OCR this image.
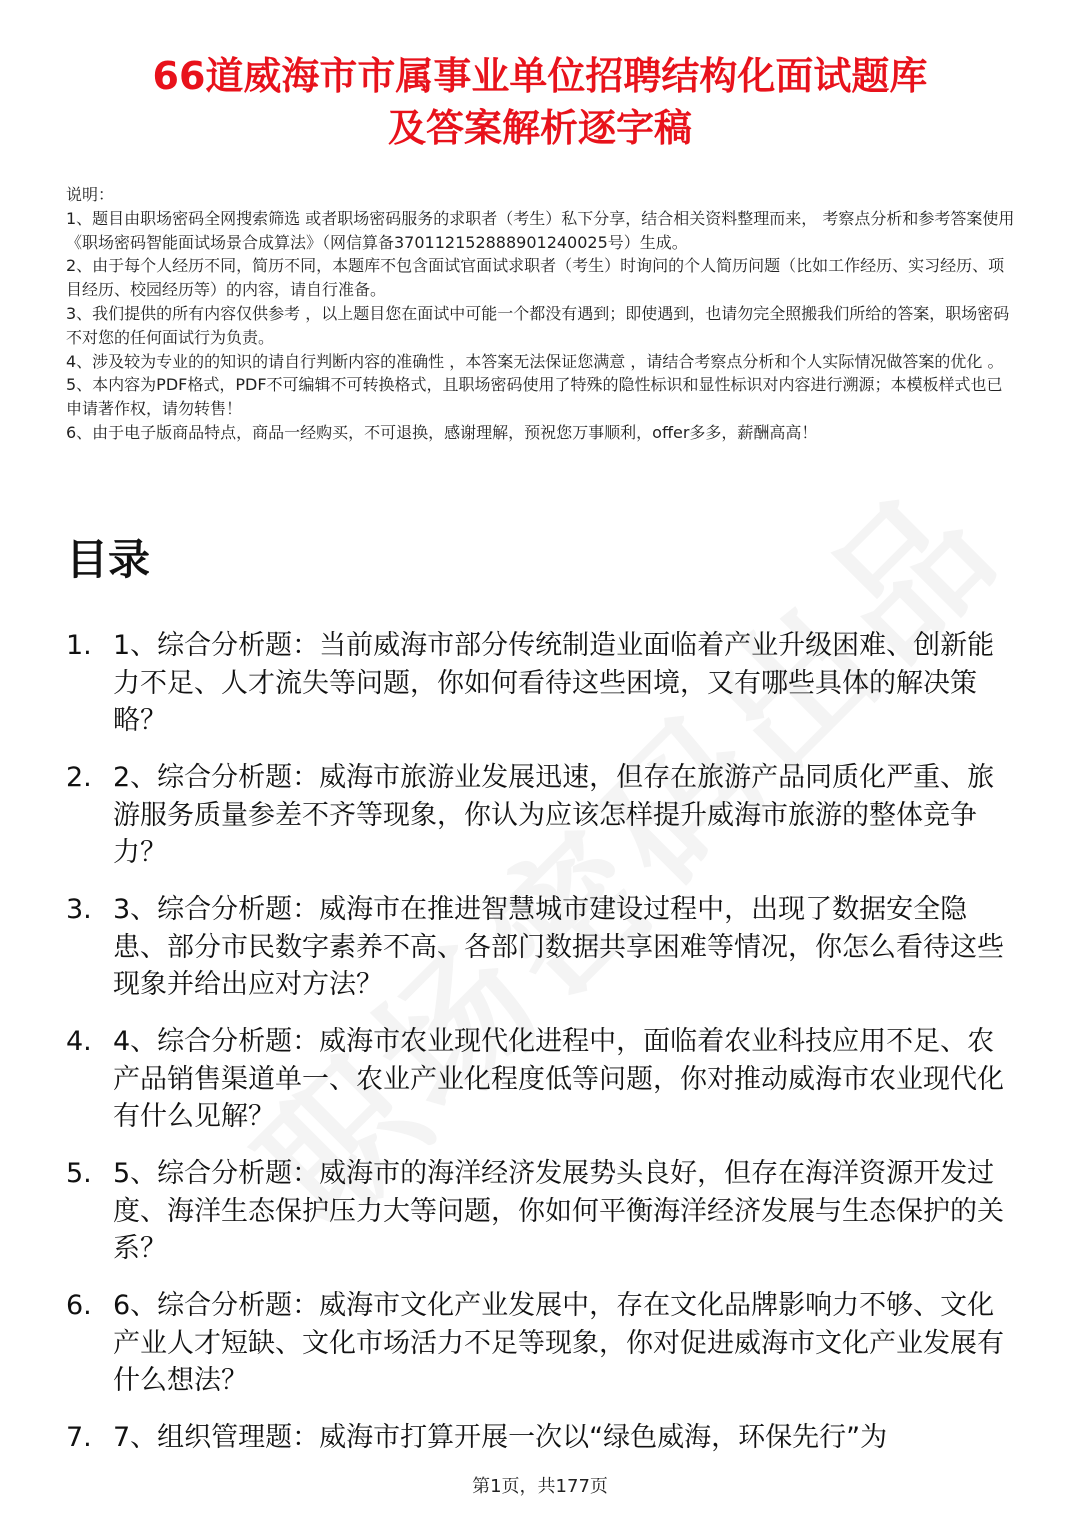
66道威海市市属事业单位招聘结构化面试题库
及答案解析逐字稿

说明：

1、题目由职场密码全网搜索筛选 或者职场密码服务的求职者（考生）私下分享，结合相关资料整理而来， 考察点分析和参考答案使用《职场密码智能面试场景合成算法》（网信算备370112152888901240025号）生成。

2、由于每个人经历不同，简历不同，本题库不包含面试官面试求职者（考生）时询问的个人简历问题（比如工作经历、实习经历、项目经历、校园经历等）的内容，请自行准备。

3、我们提供的所有内容仅供参考 ，以上题目您在面试中可能一个都没有遇到；即使遇到，也请勿完全照搬我们所给的答案，职场密码不对您的任何面试行为负责。

4、涉及较为专业的的知识的请自行判断内容的准确性 ，本答案无法保证您满意 ，请结合考察点分析和个人实际情况做答案的优化 。

5、本内容为PDF格式，PDF不可编辑不可转换格式，且职场密码使用了特殊的隐性标识和显性标识对内容进行溯源；本模板样式也已申请著作权，请勿转售！

6、由于电子版商品特点，商品一经购买，不可退换，感谢理解，预祝您万事顺利，offer多多，薪酬高高！

目录
1. 1、综合分析题：当前威海市部分传统制造业面临着产业升级困难、创新能力不足、人才流失等问题，你如何看待这些困境，又有哪些具体的解决策略？
2. 2、综合分析题：威海市旅游业发展迅速，但存在旅游产品同质化严重、旅游服务质量参差不齐等现象，你认为应该怎样提升威海市旅游的整体竞争力？
3. 3、综合分析题：威海市在推进智慧城市建设过程中，出现了数据安全隐患、部分市民数字素养不高、各部门数据共享困难等情况，你怎么看待这些现象并给出应对方法？
4. 4、综合分析题：威海市农业现代化进程中，面临着农业科技应用不足、农产品销售渠道单一、农业产业化程度低等问题，你对推动威海市农业现代化有什么见解？
5. 5、综合分析题：威海市的海洋经济发展势头良好，但存在海洋资源开发过度、海洋生态保护压力大等问题，你如何平衡海洋经济发展与生态保护的关系？
6. 6、综合分析题：威海市文化产业发展中，存在文化品牌影响力不够、文化产业人才短缺、文化市场活力不足等现象，你对促进威海市文化产业发展有什么想法？
7. 7、组织管理题：威海市打算开展一次以“绿色威海，环保先行”为
第1页，共177页
